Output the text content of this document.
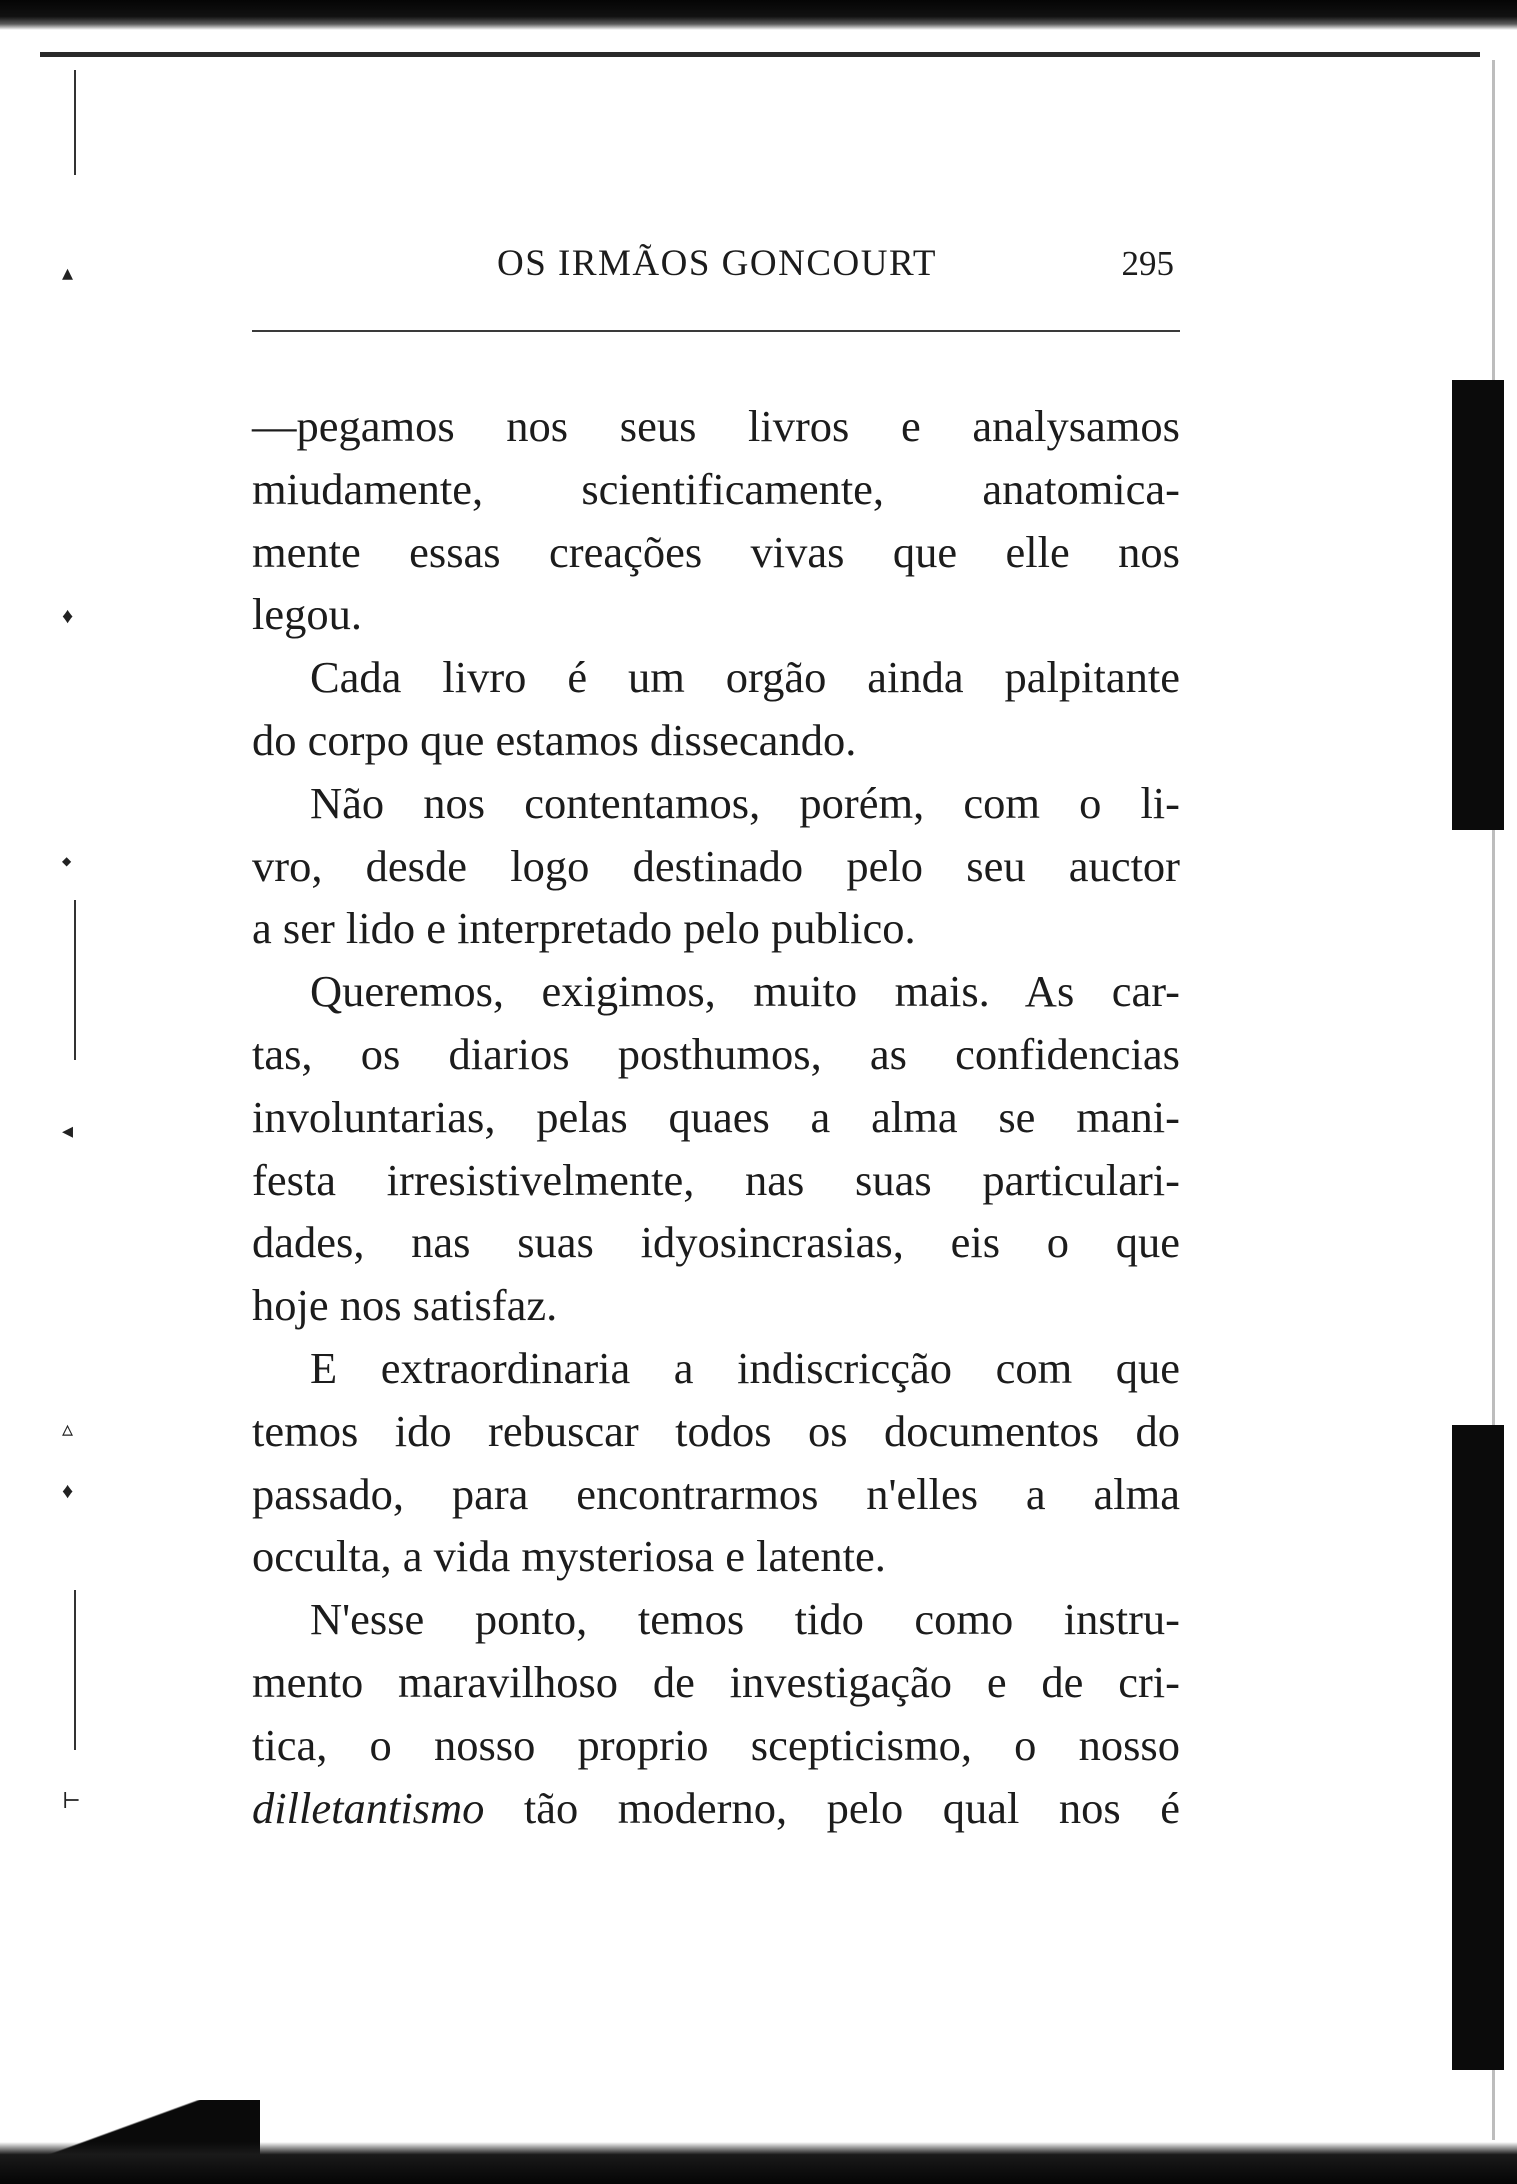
▴
♦
◆
◂
▵
♦
⊢
OS IRMÃOS GONCOURT	295
—pegamos nos seus livros e analysamos
miudamente, scientificamente, anatomica-
mente essas creações vivas que elle nos
legou.
Cada livro é um orgão ainda palpitante
do corpo que estamos dissecando.
Não nos contentamos, porém, com o li-
vro, desde logo destinado pelo seu auctor
a ser lido e interpretado pelo publico.
Queremos, exigimos, muito mais. As car-
tas, os diarios posthumos, as confidencias
involuntarias, pelas quaes a alma se mani-
festa irresistivelmente, nas suas particulari-
dades, nas suas idyosincrasias, eis o que
hoje nos satisfaz.
E extraordinaria a indiscricção com que
temos ido rebuscar todos os documentos do
passado, para encontrarmos n'elles a alma
occulta, a vida mysteriosa e latente.
N'esse ponto, temos tido como instru-
mento maravilhoso de investigação e de cri-
tica, o nosso proprio scepticismo, o nosso
dilletantismo tão moderno, pelo qual nos é
